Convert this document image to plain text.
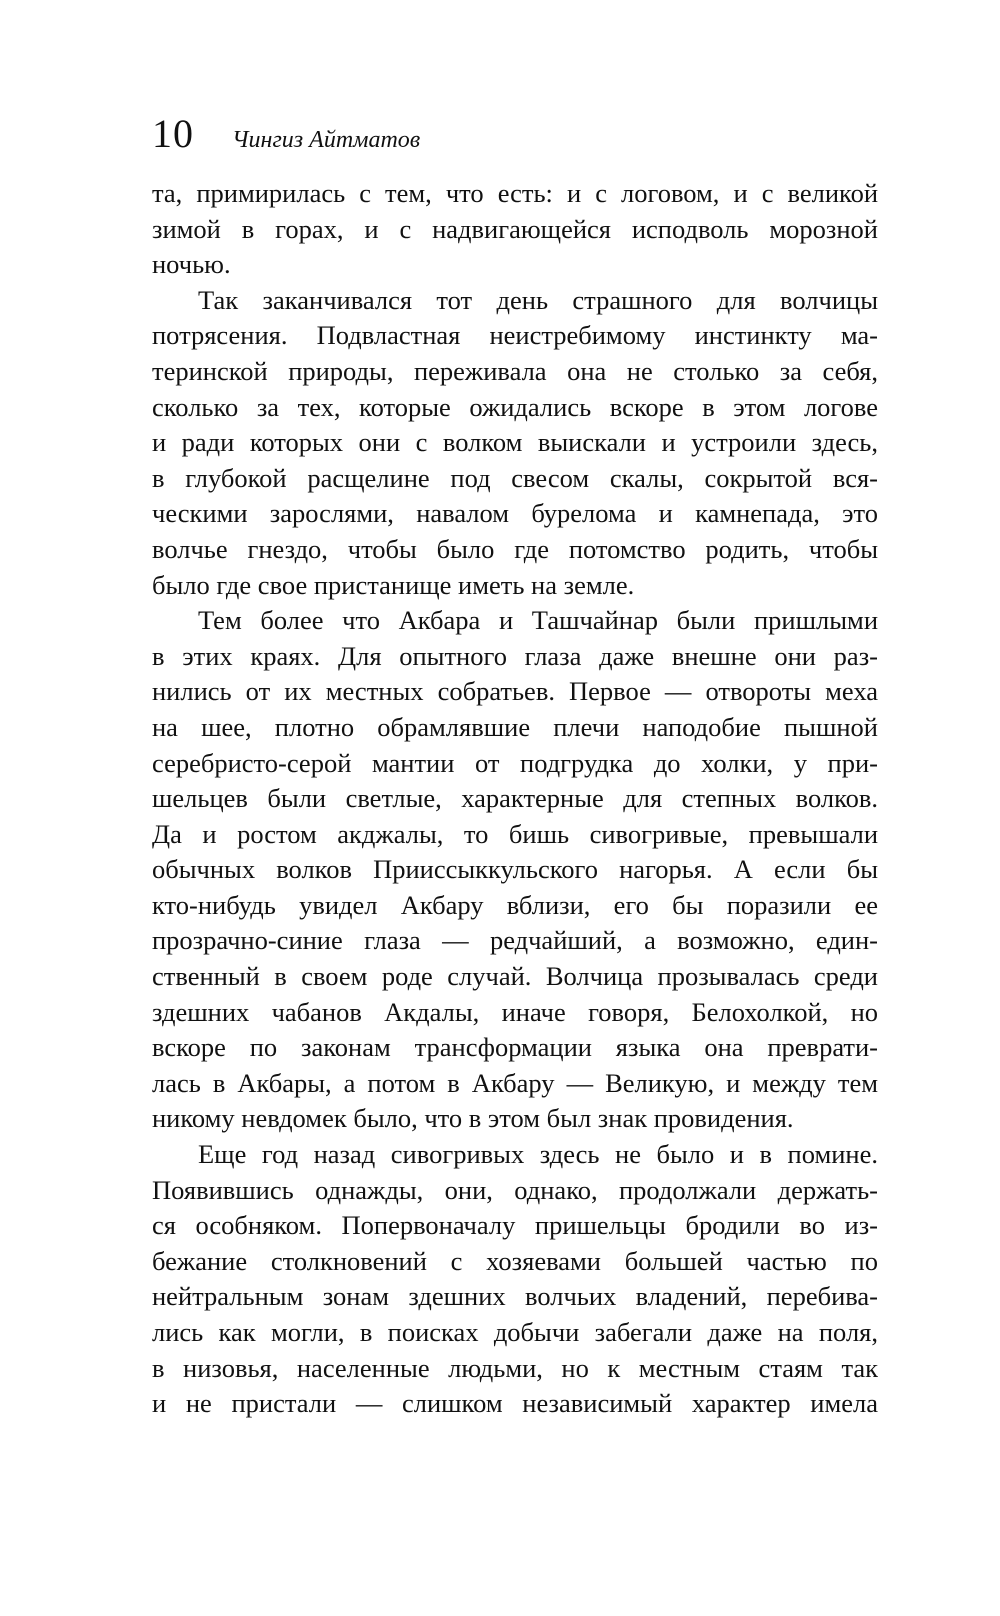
10 Чингиз Айтматов
та, примирилась с тем, что есть: и с логовом, и с великой
зимой в горах, и с надвигающейся исподволь морозной
ночью.
Так заканчивался тот день страшного для волчицы
потрясения. Подвластная неистребимому инстинкту ма-
теринской природы, переживала она не столько за себя,
сколько за тех, которые ожидались вскоре в этом логове
и ради которых они с волком выискали и устроили здесь,
в глубокой расщелине под свесом скалы, сокрытой вся-
ческими зарослями, навалом бурелома и камнепада, это
волчье гнездо, чтобы было где потомство родить, чтобы
было где свое пристанище иметь на земле.
Тем более что Акбара и Ташчайнар были пришлыми
в этих краях. Для опытного глаза даже внешне они раз-
нились от их местных собратьев. Первое — отвороты меха
на шее, плотно обрамлявшие плечи наподобие пышной
серебристо-серой мантии от подгрудка до холки, у при-
шельцев были светлые, характерные для степных волков.
Да и ростом акджалы, то бишь сивогривые, превышали
обычных волков Прииссыккульского нагорья. А если бы
кто-нибудь увидел Акбару вблизи, его бы поразили ее
прозрачно-синие глаза — редчайший, а возможно, един-
ственный в своем роде случай. Волчица прозывалась среди
здешних чабанов Акдалы, иначе говоря, Белохолкой, но
вскоре по законам трансформации языка она преврати-
лась в Акбары, а потом в Акбару — Великую, и между тем
никому невдомек было, что в этом был знак провидения.
Еще год назад сивогривых здесь не было и в помине.
Появившись однажды, они, однако, продолжали держать-
ся особняком. Попервоначалу пришельцы бродили во из-
бежание столкновений с хозяевами большей частью по
нейтральным зонам здешних волчьих владений, перебива-
лись как могли, в поисках добычи забегали даже на поля,
в низовья, населенные людьми, но к местным стаям так
и не пристали — слишком независимый характер имела
